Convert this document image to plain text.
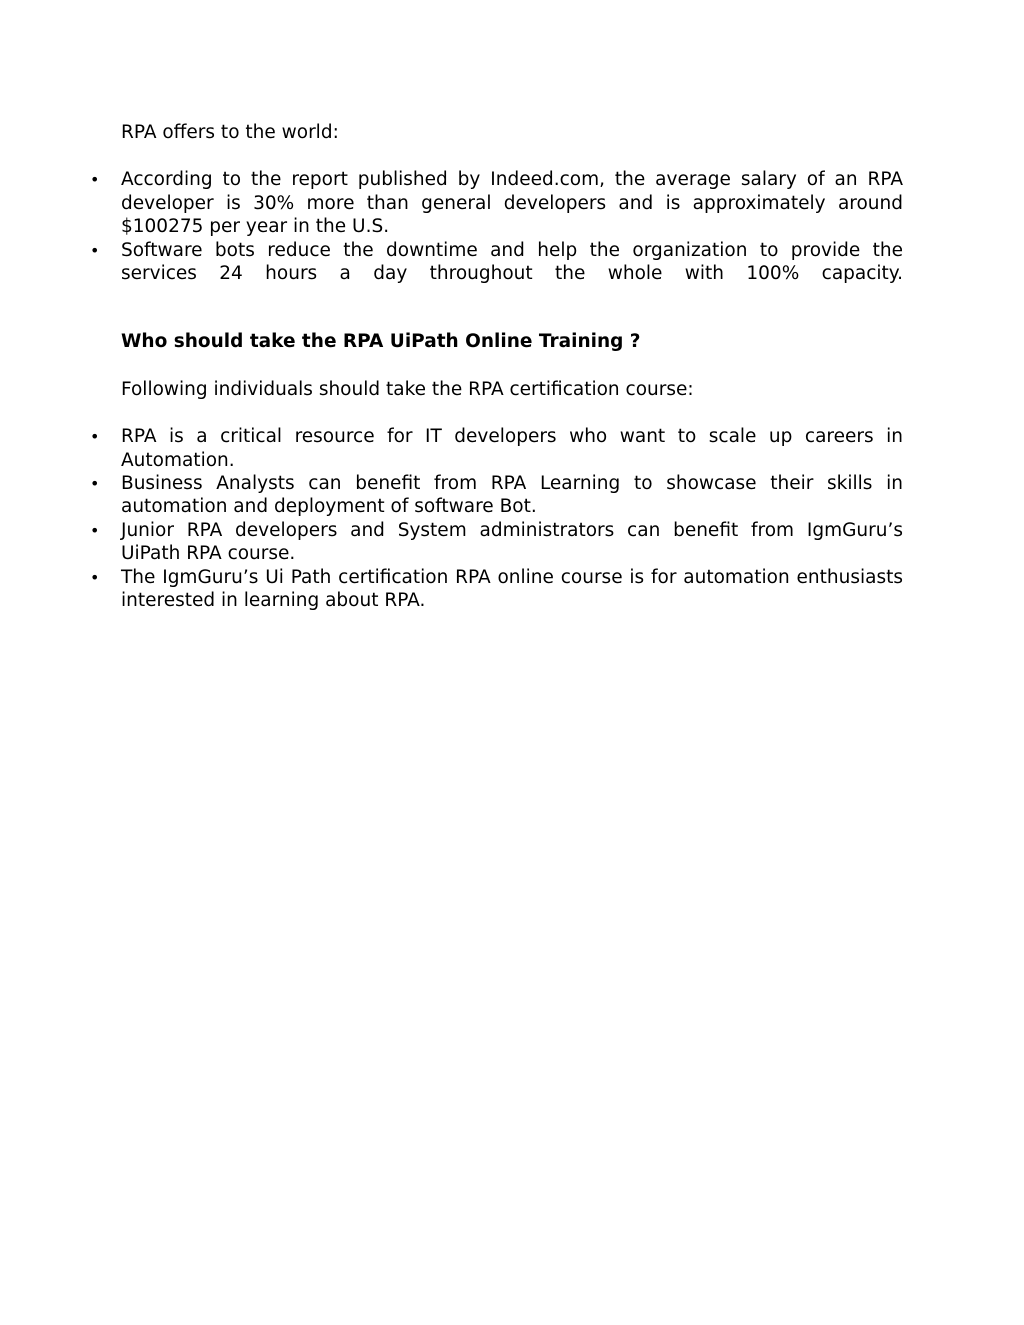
RPA offers to the world:

•
According to the report published by Indeed.com, the average salary of an RPA developer is 30% more than general developers and is approximately around $100275 per year in the U.S.
•
Software bots reduce the downtime and help the organization to provide the services 24 hours a day throughout the whole with 100% capacity.

Who should take the RPA UiPath Online Training ?

Following individuals should take the RPA certification course:

•
RPA is a critical resource for IT developers who want to scale up careers in Automation.
•
Business Analysts can benefit from RPA Learning to showcase their skills in automation and deployment of software Bot.
•
Junior RPA developers and System administrators can benefit from IgmGuru’s UiPath RPA course.
•
The IgmGuru’s Ui Path certification RPA online course is for automation enthusiasts interested in learning about RPA.
